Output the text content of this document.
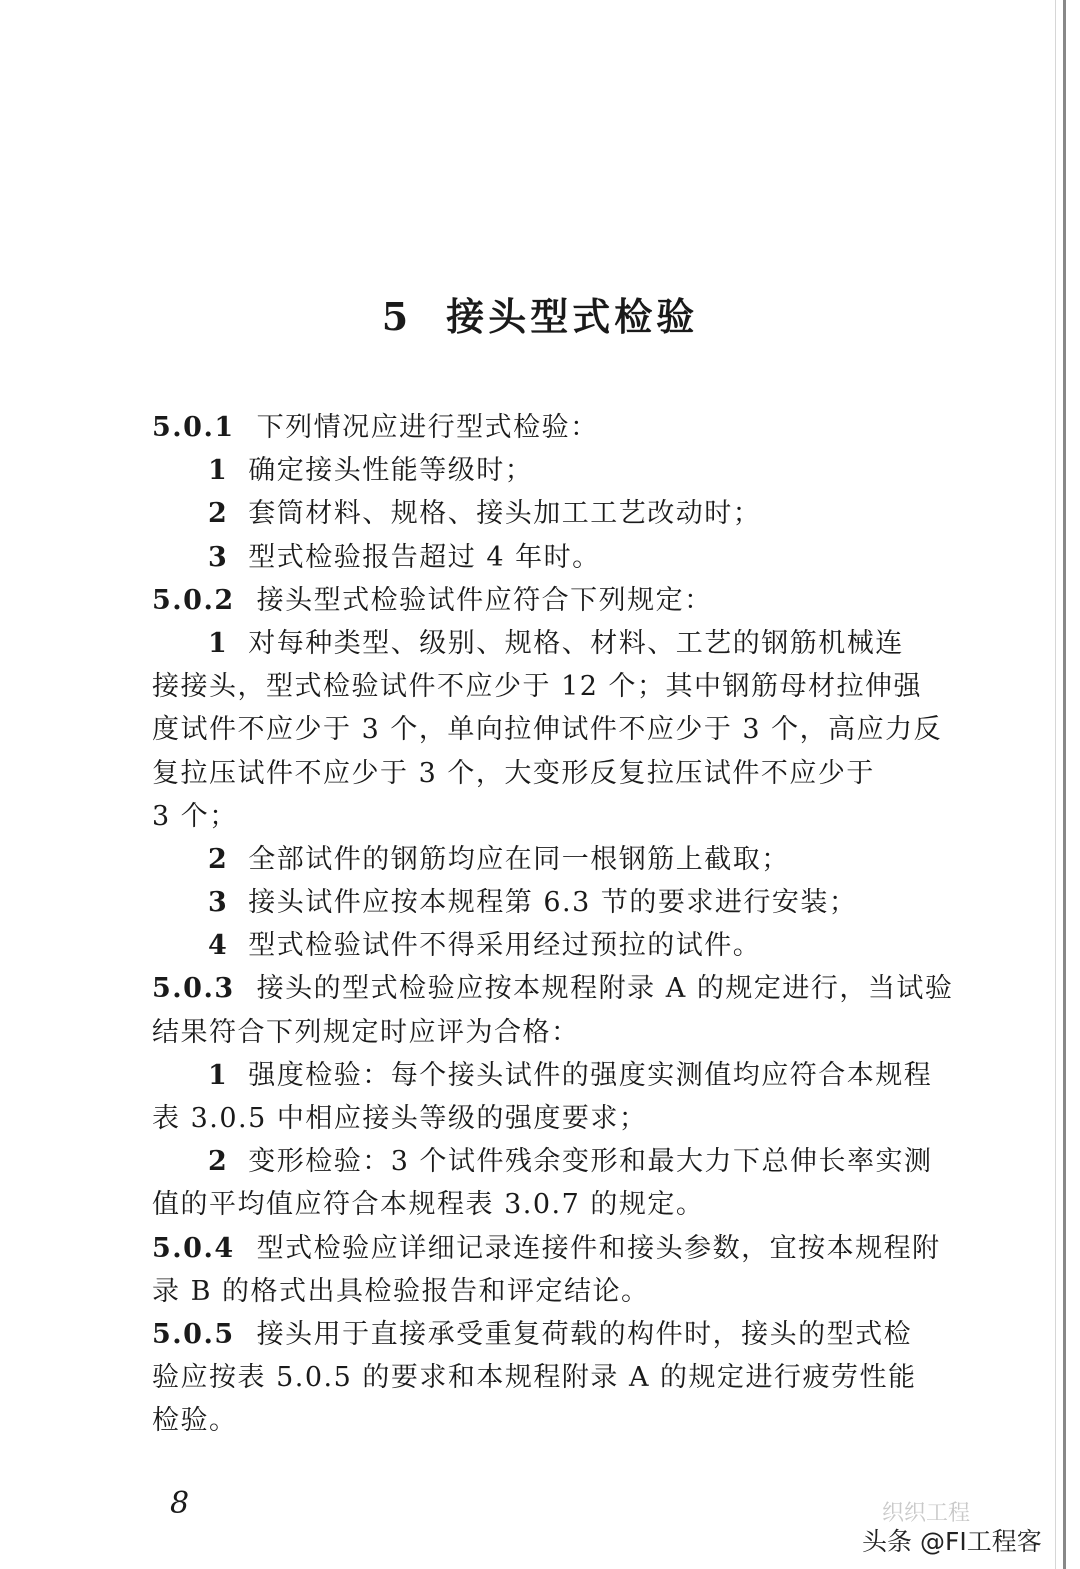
5 接头型式检验
5.0.1 下列情况应进行型式检验：
1 确定接头性能等级时；
2 套筒材料、规格、接头加工工艺改动时；
3 型式检验报告超过 4 年时。
5.0.2 接头型式检验试件应符合下列规定：
1 对每种类型、级别、规格、材料、工艺的钢筋机械连
接接头，型式检验试件不应少于 12 个；其中钢筋母材拉伸强
度试件不应少于 3 个，单向拉伸试件不应少于 3 个，高应力反
复拉压试件不应少于 3 个，大变形反复拉压试件不应少于
3 个；
2 全部试件的钢筋均应在同一根钢筋上截取；
3 接头试件应按本规程第 6.3 节的要求进行安装；
4 型式检验试件不得采用经过预拉的试件。
5.0.3 接头的型式检验应按本规程附录 A 的规定进行，当试验
结果符合下列规定时应评为合格：
1 强度检验：每个接头试件的强度实测值均应符合本规程
表 3.0.5 中相应接头等级的强度要求；
2 变形检验：3 个试件残余变形和最大力下总伸长率实测
值的平均值应符合本规程表 3.0.7 的规定。
5.0.4 型式检验应详细记录连接件和接头参数，宜按本规程附
录 B 的格式出具检验报告和评定结论。
5.0.5 接头用于直接承受重复荷载的构件时，接头的型式检
验应按表 5.0.5 的要求和本规程附录 A 的规定进行疲劳性能
检验。
8	织织工程
头条 @FI工程客
